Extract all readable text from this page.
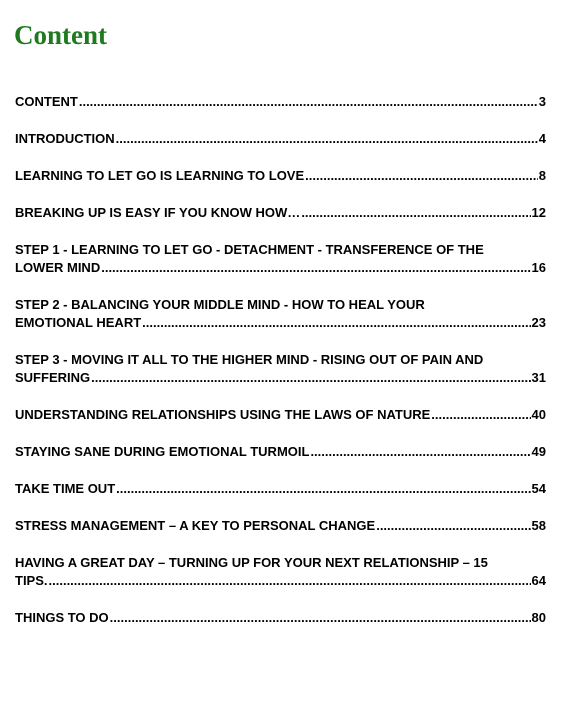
Content
CONTENT .....	3
INTRODUCTION .....	4
LEARNING TO LET GO IS LEARNING TO LOVE .....	8
BREAKING UP IS EASY IF YOU KNOW HOW… .....	12
STEP 1 - LEARNING TO LET GO - DETACHMENT - TRANSFERENCE OF THE
LOWER MIND .....	16
STEP 2 - BALANCING YOUR MIDDLE MIND - HOW TO HEAL YOUR
EMOTIONAL HEART .....	23
STEP 3 - MOVING IT ALL TO THE HIGHER MIND - RISING OUT OF PAIN AND
SUFFERING .....	31
UNDERSTANDING RELATIONSHIPS USING THE LAWS OF NATURE .....	40
STAYING SANE DURING EMOTIONAL TURMOIL .....	49
TAKE TIME OUT .....	54
STRESS MANAGEMENT – A KEY TO PERSONAL CHANGE .....	58
HAVING A GREAT DAY – TURNING UP FOR YOUR NEXT RELATIONSHIP – 15
TIPS. .....	64
THINGS TO DO .....	80
